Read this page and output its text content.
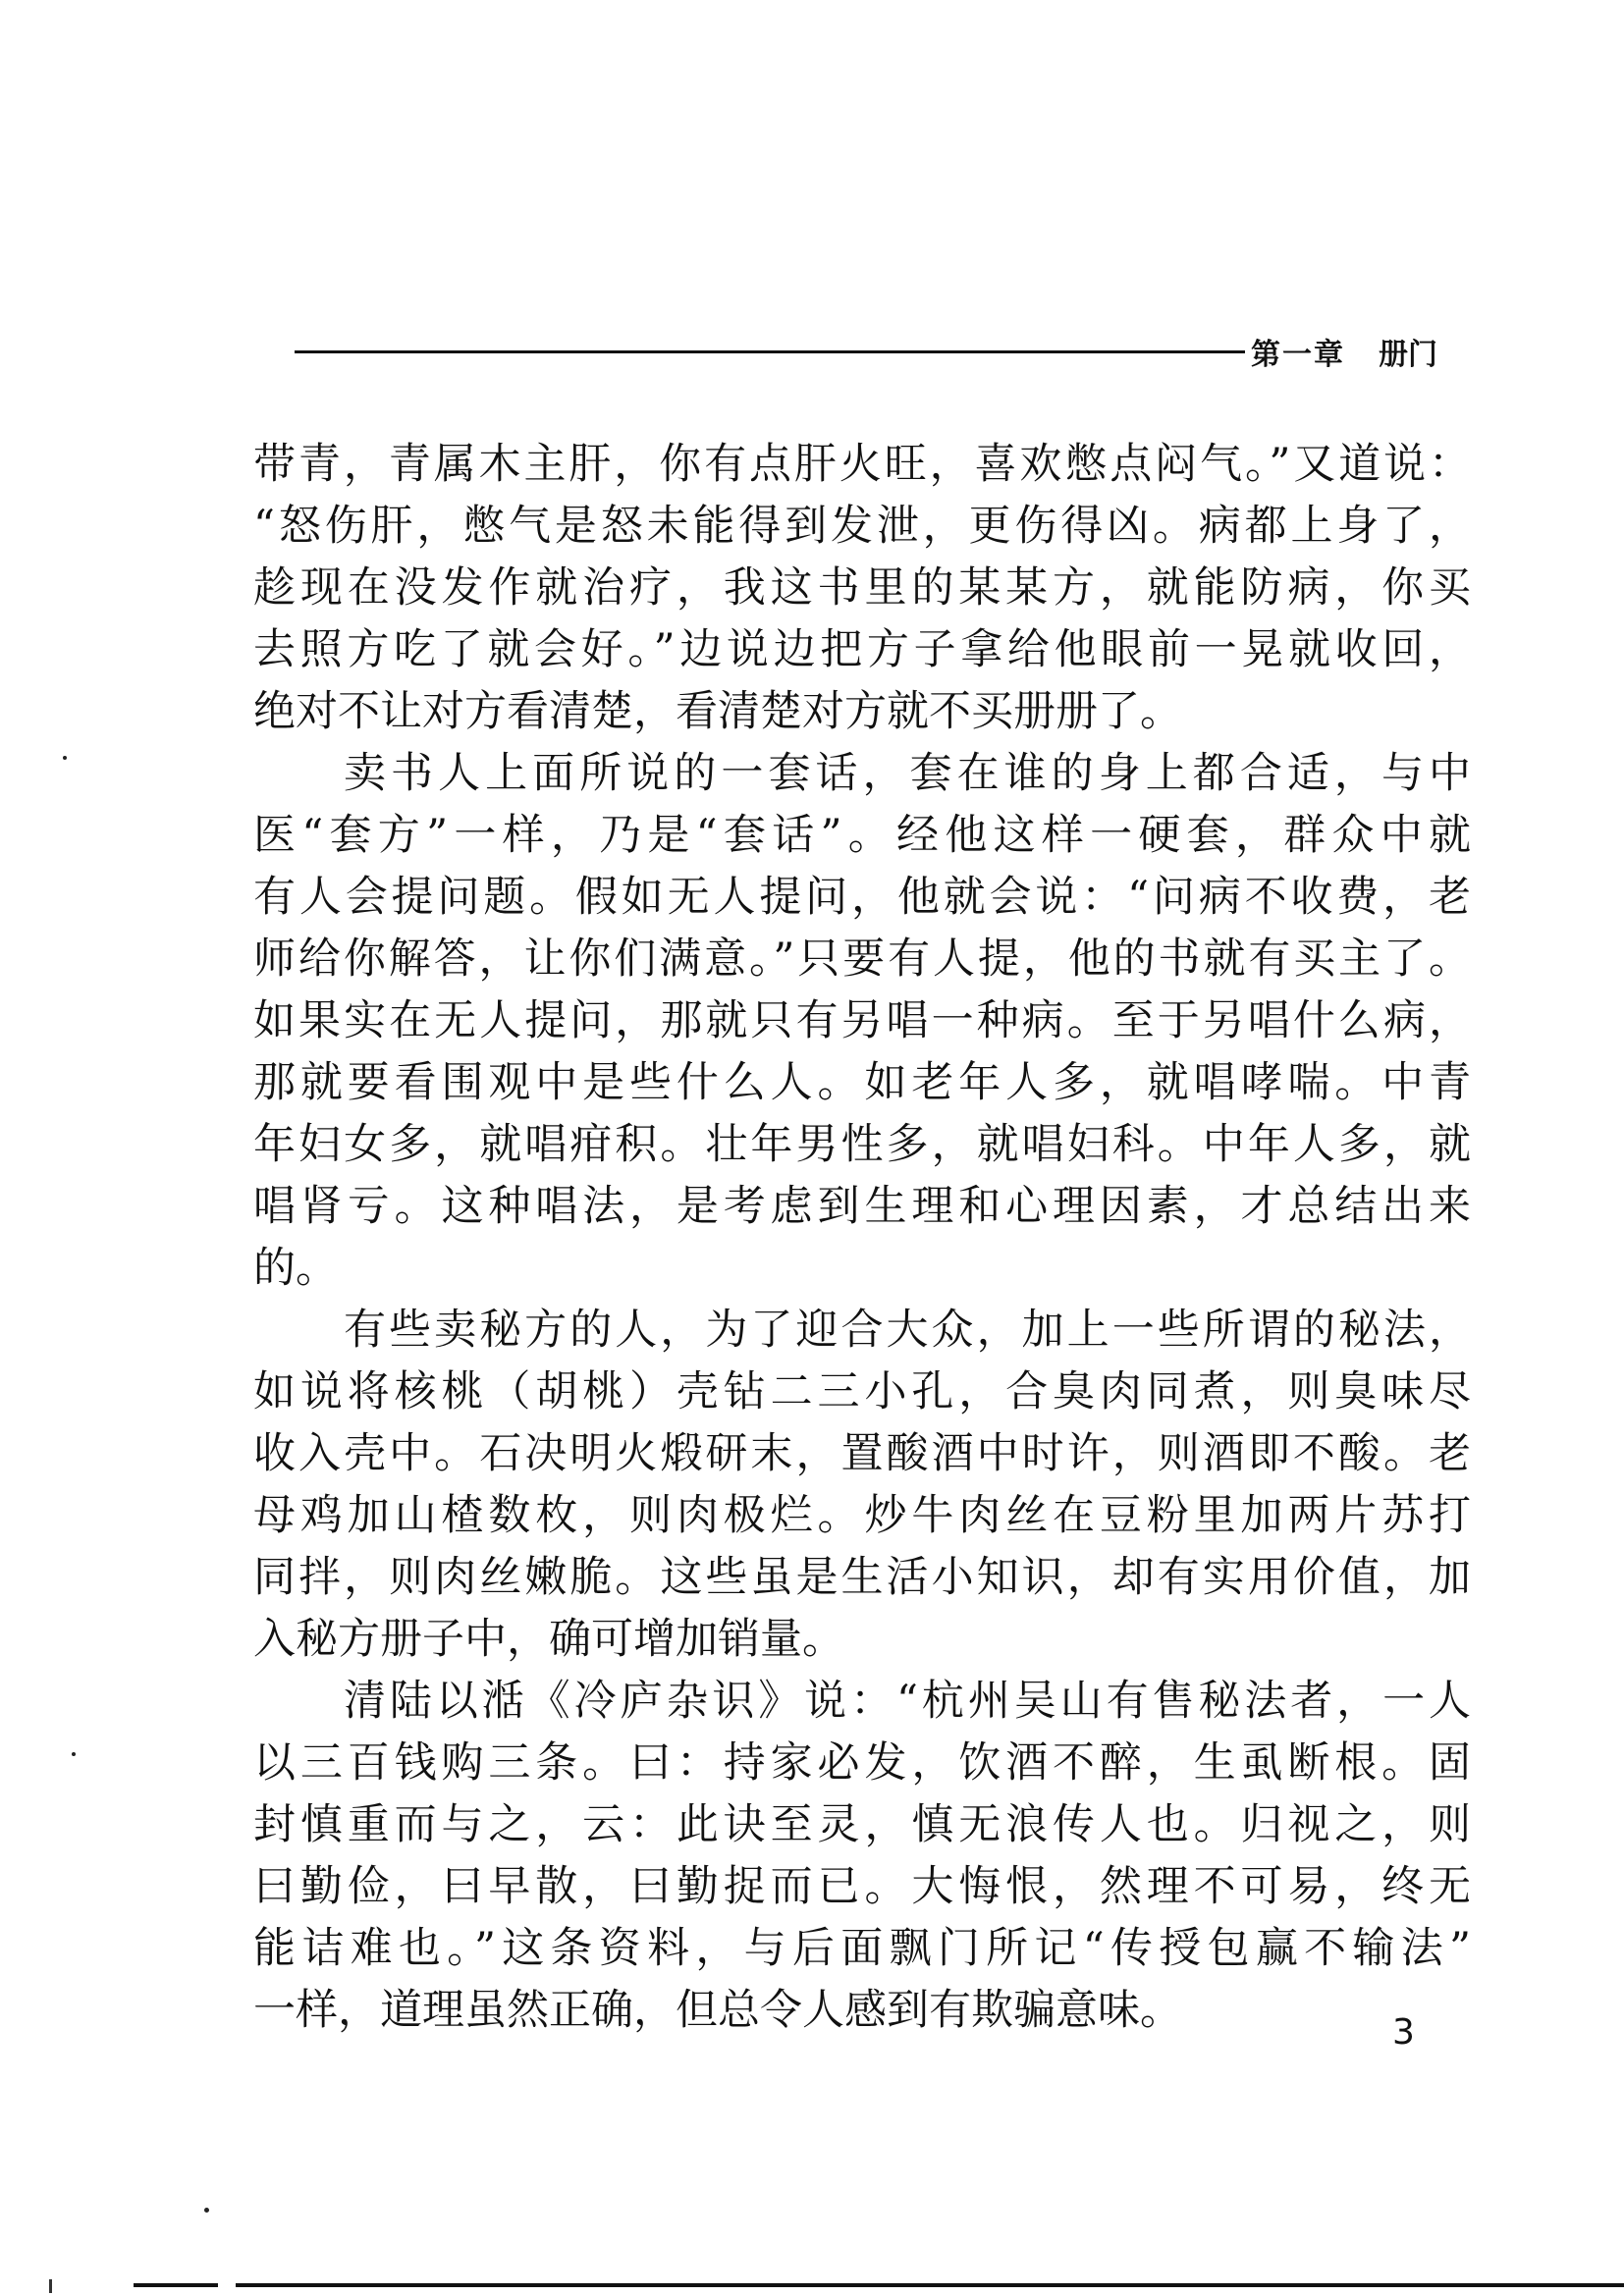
第一章 册门
带青，青属木主肝，你有点肝火旺，喜欢憋点闷气。”又道说：
“怒伤肝，憋气是怒未能得到发泄，更伤得凶。病都上身了，
趁现在没发作就治疗，我这书里的某某方，就能防病，你买
去照方吃了就会好。”边说边把方子拿给他眼前一晃就收回，
绝对不让对方看清楚，看清楚对方就不买册册了。
卖书人上面所说的一套话，套在谁的身上都合适，与中
医“套方”一样，乃是“套话”。经他这样一硬套，群众中就
有人会提问题。假如无人提问，他就会说：“问病不收费，老
师给你解答，让你们满意。”只要有人提，他的书就有买主了。
如果实在无人提问，那就只有另唱一种病。至于另唱什么病，
那就要看围观中是些什么人。如老年人多，就唱哮喘。中青
年妇女多，就唱疳积。壮年男性多，就唱妇科。中年人多，就
唱肾亏。这种唱法，是考虑到生理和心理因素，才总结出来
的。
有些卖秘方的人，为了迎合大众，加上一些所谓的秘法，
如说将核桃（胡桃）壳钻二三小孔，合臭肉同煮，则臭味尽
收入壳中。石决明火煅研末，置酸酒中时许，则酒即不酸。老
母鸡加山楂数枚，则肉极烂。炒牛肉丝在豆粉里加两片苏打
同拌，则肉丝嫩脆。这些虽是生活小知识，却有实用价值，加
入秘方册子中，确可增加销量。
清陆以湉《冷庐杂识》说：“杭州吴山有售秘法者，一人
以三百钱购三条。曰：持家必发，饮酒不醉，生虱断根。固
封慎重而与之，云：此诀至灵，慎无浪传人也。归视之，则
曰勤俭，曰早散，曰勤捉而已。大悔恨，然理不可易，终无
能诘难也。”这条资料，与后面飘门所记“传授包赢不输法”
一样，道理虽然正确，但总令人感到有欺骗意味。	3
